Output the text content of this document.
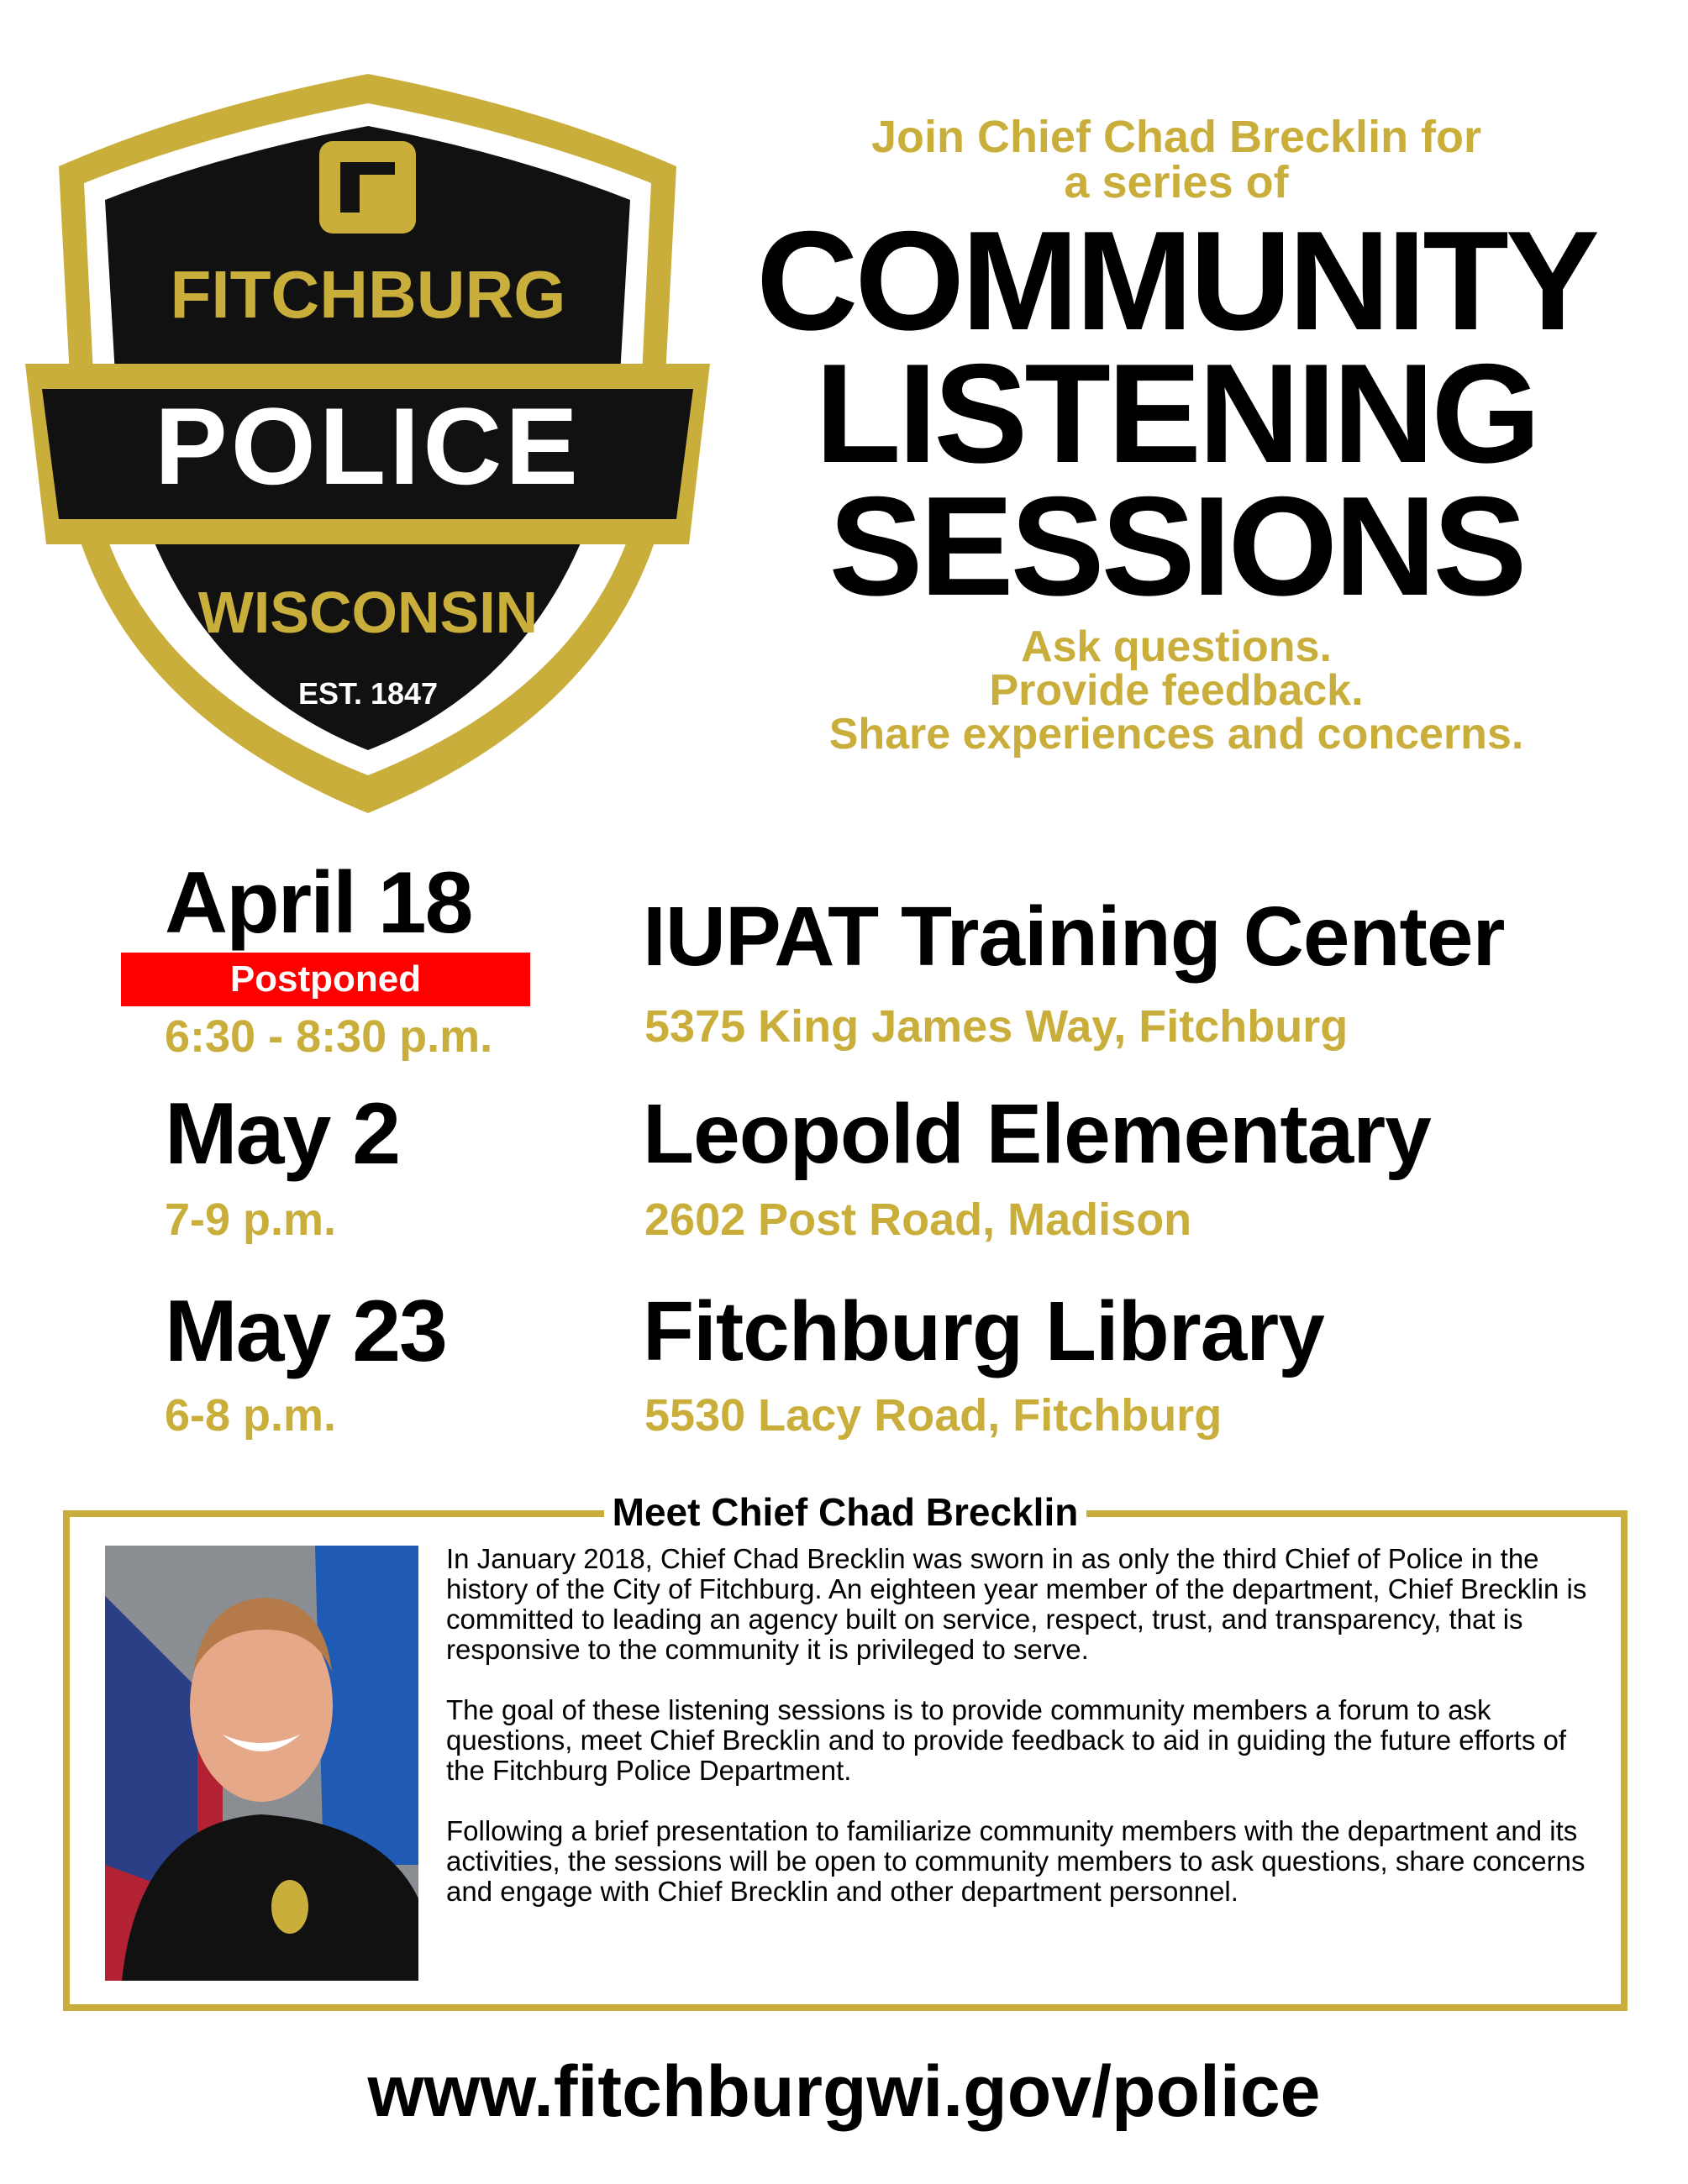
FITCHBURG
POLICE
WISCONSIN
EST. 1847
Join Chief Chad Brecklin for
a series of
COMMUNITY
LISTENING
SESSIONS
Ask questions.
Provide feedback.
Share experiences and concerns.
April 18
Postponed
6:30 - 8:30 p.m.
IUPAT Training Center
5375 King James Way, Fitchburg
May 2
7-9 p.m.
Leopold Elementary
2602 Post Road, Madison
May 23
6-8 p.m.
Fitchburg Library
5530 Lacy Road, Fitchburg
Meet Chief Chad Brecklin

In January 2018, Chief Chad Brecklin was sworn in as only the third Chief of Police in the history of the City of Fitchburg. An eighteen year member of the department, Chief Brecklin is committed to leading an agency built on service, respect, trust, and transparency, that is responsive to the community it is privileged to serve.

The goal of these listening sessions is to provide community members a forum to ask questions, meet Chief Brecklin and to provide feedback to aid in guiding the future efforts of the Fitchburg Police Department.

Following a brief presentation to familiarize community members with the department and its activities, the sessions will be open to community members to ask questions, share concerns and engage with Chief Brecklin and other department personnel.

www.fitchburgwi.gov/police
